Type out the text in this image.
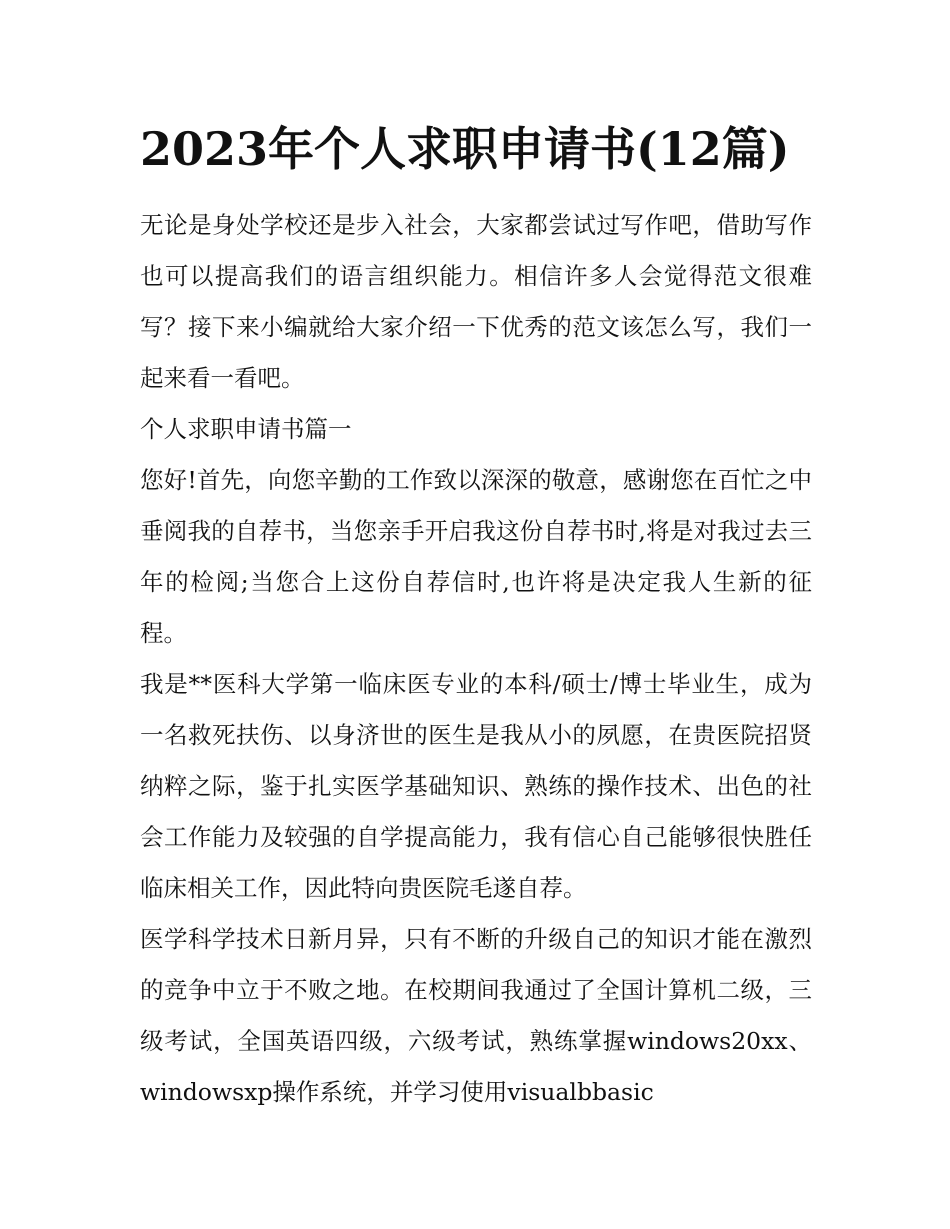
2023年个人求职申请书(12篇)

无论是身处学校还是步入社会，大家都尝试过写作吧，借助写作也可以提高我们的语言组织能力。相信许多人会觉得范文很难写？接下来小编就给大家介绍一下优秀的范文该怎么写，我们一起来看一看吧。

个人求职申请书篇一

您好!首先，向您辛勤的工作致以深深的敬意，感谢您在百忙之中垂阅我的自荐书，当您亲手开启我这份自荐书时,将是对我过去三年的检阅;当您合上这份自荐信时,也许将是决定我人生新的征程。

我是**医科大学第一临床医专业的本科/硕士/博士毕业生，成为一名救死扶伤、以身济世的医生是我从小的夙愿，在贵医院招贤纳粹之际，鉴于扎实医学基础知识、熟练的操作技术、出色的社会工作能力及较强的自学提高能力，我有信心自己能够很快胜任临床相关工作，因此特向贵医院毛遂自荐。

医学科学技术日新月异，只有不断的升级自己的知识才能在激烈的竞争中立于不败之地。在校期间我通过了全国计算机二级，三级考试，全国英语四级，六级考试，熟练掌握windows20xx、windowsxp操作系统，并学习使用visualbbasic
